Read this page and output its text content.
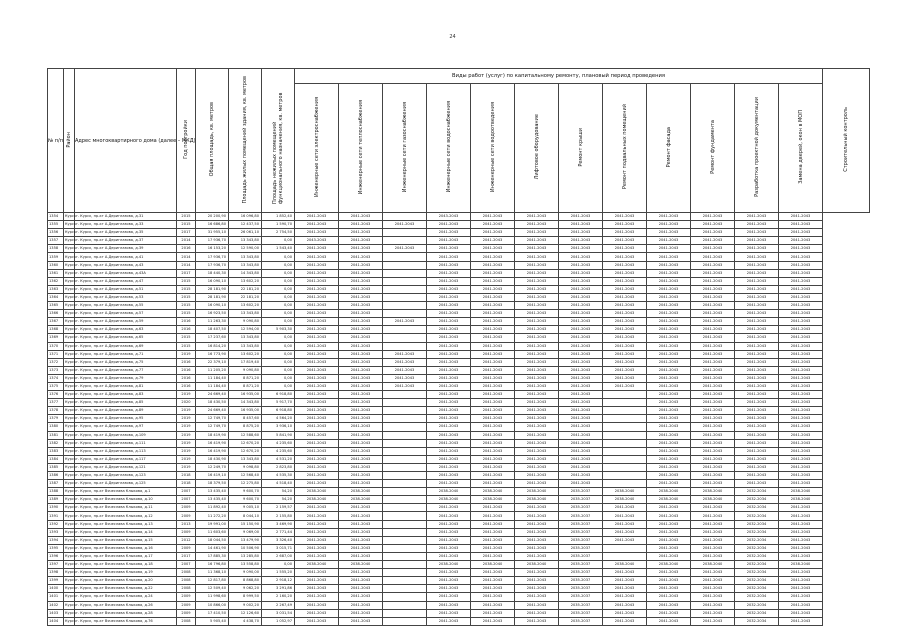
24
№ п/п	Район	Адрес многоквартирного дома (далее – МКД)	Год постройки	Общая площадь, кв. метров	Площадь жилых помещений здания, кв. метров	Площадь нежилых помещений функционального назначения, кв. метров	Виды работ (услуг) по капитальному ремонту, плановый период проведения												Строительный контроль
							Инженерные сети электроснабжения	Инженерные сети теплоснабжения	Инженерные сети газоснабжения	Инженерные сети водоснабжения	Инженерные сети водоотведения	Лифтовое оборудование	Ремонт крыши	Ремонт подвальных помещений	Ремонт фасада	Ремонт фундамента	Разработка проектной документации	Замена дверей, окон в МОП	
1354	Курск	г. Курск, пр-кт А.Дериглазова, д.31	2015	20 200,90	16 096,80	1 852,40	2041-2043	2041-2043		2043-2043	2041-2043	2041-2043	2041-2043	2041-2043	2041-2043	2041-2043	2041-2043	2041-2043	
1355	Курск	г. Курск, пр-кт А.Дериглазова, д.33	2015	16 686,80	12 437,50	1 590,70	2041-2043	2041-2043	2041-2043	2041-2043	2041-2043	2041-2043	2041-2043	2041-2043	2041-2043	2041-2043	2041-2043	2041-2043	
1356	Курск	г. Курск, пр-кт А.Дериглазова, д.35	2017	31 955,10	26 061,10	2 754,50	2041-2043	2041-2043		2041-2043	2041-2043	2041-2043	2041-2043	2041-2043	2041-2043	2041-2043	2041-2043	2041-2043	
1357	Курск	г. Курск, пр-кт А.Дериглазова, д.37	2014	17 936,70	13 343,80	0,00	2043-2043	2041-2043		2041-2043	2041-2043	2041-2043	2041-2043	2041-2043	2041-2043	2041-2043	2041-2043	2041-2043	
1358	Курск	г. Курск, пр-кт А.Дериглазова, д.39	2016	16 153,20	12 590,00	1 543,40	2041-2043	2041-2043	2041-2043	2041-2043	2041-2043	2041-2043	2041-2043	2041-2043	2041-2043	2041-2043	2041-2043	2041-2043	
1359	Курск	г. Курск, пр-кт А.Дериглазова, д.41	2014	17 936,70	13 343,80	0,00	2041-2043	2041-2043		2041-2043	2041-2043	2041-2043	2041-2043	2041-2043	2041-2043	2041-2043	2041-2043	2041-2043	
1360	Курск	г. Курск, пр-кт А.Дериглазова, д.43	2014	17 936,70	13 343,80	0,00	2041-2043	2041-2043		2041-2043	2041-2043	2041-2043	2041-2043	2041-2043	2041-2043	2041-2043	2041-2043	2041-2043	
1361	Курск	г. Курск, пр-кт А.Дериглазова, д.43А	2017	18 440,30	14 343,80	0,00	2041-2043	2041-2043		2041-2043	2041-2043	2041-2043	2041-2043	2041-2043	2041-2043	2041-2043	2041-2043	2041-2043	
1362	Курск	г. Курск, пр-кт А.Дериглазова, д.47	2015	16 090,10	13 602,20	0,00	2041-2043	2041-2043		2041-2043	2041-2043	2041-2043	2041-2043	2041-2043	2041-2043	2041-2043	2041-2043	2041-2043	
1363	Курск	г. Курск, пр-кт А.Дериглазова, д.51	2015	28 181,90	22 181,20	0,00	2041-2043	2041-2043		2041-2043	2041-2043	2041-2043	2041-2043	2041-2043	2041-2043	2041-2043	2041-2043	2041-2043	
1364	Курск	г. Курск, пр-кт А.Дериглазова, д.53	2015	28 181,90	22 181,20	0,00	2041-2043	2041-2043		2041-2043	2041-2043	2041-2043	2041-2043	2041-2043	2041-2043	2041-2043	2041-2043	2041-2043	
1365	Курск	г. Курск, пр-кт А.Дериглазова, д.55	2015	16 090,10	13 602,20	0,00	2041-2043	2041-2043		2041-2043	2041-2043	2041-2043	2041-2043	2041-2043	2041-2043	2041-2043	2041-2043	2041-2043	
1366	Курск	г. Курск, пр-кт А.Дериглазова, д.57	2015	16 923,50	13 343,80	0,00	2041-2043	2041-2043		2041-2043	2041-2043	2041-2043	2041-2043	2041-2043	2041-2043	2041-2043	2041-2043	2041-2043	
1367	Курск	г. Курск, пр-кт А.Дериглазова, д.59	2016	11 263,30	9 090,80	0,00	2041-2043	2041-2043	2041-2043	2041-2043	2041-2043	2041-2043	2041-2043	2041-2043	2041-2043	2041-2043	2041-2043	2041-2043	
1368	Курск	г. Курск, пр-кт А.Дериглазова, д.63	2016	18 407,50	12 594,00	5 903,30	2041-2043	2041-2043		2041-2043	2041-2043	2041-2043	2041-2043	2041-2043	2041-2043	2041-2043	2041-2043	2041-2043	
1369	Курск	г. Курск, пр-кт А.Дериглазова, д.65	2015	17 237,60	13 343,80	0,00	2041-2043	2041-2043		2041-2043	2041-2043	2041-2043	2041-2043	2041-2043	2041-2043	2041-2043	2041-2043	2041-2043	
1370	Курск	г. Курск, пр-кт А.Дериглазова, д.69	2015	16 814,20	13 343,80	0,00	2041-2043	2041-2043		2041-2043	2041-2043	2041-2043	2041-2043	2041-2043	2041-2043	2041-2043	2041-2043	2041-2043	
1371	Курск	г. Курск, пр-кт А.Дериглазова, д.71	2019	16 773,90	13 602,20	0,00	2041-2043	2041-2043	2041-2043	2041-2043	2041-2043	2041-2043	2041-2043	2041-2043	2041-2043	2041-2043	2041-2043	2041-2043	
1372	Курск	г. Курск, пр-кт А.Дериглазова, д.75	2016	22 379,10	17 819,40	0,00	2041-2043	2041-2043	2041-2043	2041-2043	2041-2043	2041-2043	2041-2043	2041-2043	2041-2043	2041-2043	2041-2043	2041-2043	
1373	Курск	г. Курск, пр-кт А.Дериглазова, д.77	2016	11 205,20	9 090,80	0,00	2041-2043	2041-2043	2041-2043	2041-2043	2041-2043	2041-2043	2041-2043	2041-2043	2041-2043	2041-2043	2041-2043	2041-2043	
1374	Курск	г. Курск, пр-кт А.Дериглазова, д.79	2016	11 184,40	8 871,20	0,00	2041-2043	2041-2043	2041-2043	2041-2043	2041-2043	2041-2043	2041-2043	2041-2043	2041-2043	2041-2043	2041-2043	2041-2043	
1375	Курск	г. Курск, пр-кт А.Дериглазова, д.81	2016	11 184,40	8 871,20	0,00	2041-2043	2041-2043	2041-2043	2041-2043	2041-2043	2041-2043	2041-2043	2041-2043	2041-2043	2041-2043	2041-2043	2041-2043	
1376	Курск	г. Курск, пр-кт А.Дериглазова, д.83	2019	24 669,40	16 935,00	6 918,80	2041-2043	2041-2043		2041-2043	2041-2043	2041-2043	2041-2043		2041-2043	2041-2043	2041-2043	2041-2043	
1377	Курск	г. Курск, пр-кт А.Дериглазова, д.85	2020	18 430,50	14 343,80	5 917,70	2041-2043	2041-2043		2041-2043	2041-2043	2041-2043	2041-2043		2041-2043	2041-2043	2041-2043	2041-2043	
1378	Курск	г. Курск, пр-кт А.Дериглазова, д.89	2019	24 669,40	16 935,00	6 918,80	2041-2043	2041-2043		2041-2043	2041-2043	2041-2043	2041-2043		2041-2043	2041-2043	2041-2043	2041-2043	
1379	Курск	г. Курск, пр-кт А.Дериглазова, д.95	2019	12 749,70	8 457,60	4 564,20	2041-2043	2041-2043		2041-2043	2041-2043	2041-2043	2041-2043		2041-2043	2041-2043	2041-2043	2041-2043	
1380	Курск	г. Курск, пр-кт А.Дериглазова, д.97	2019	12 749,70	8 875,20	3 936,10	2041-2043	2041-2043		2041-2043	2041-2043	2041-2043	2041-2043		2041-2043	2041-2043	2041-2043	2041-2043	
1381	Курск	г. Курск, пр-кт А.Дериглазова, д.109	2019	18 419,90	12 588,60	5 841,90	2041-2043	2041-2043		2041-2043	2041-2043	2041-2043	2041-2043		2041-2043	2041-2043	2041-2043	2041-2043	
1382	Курск	г. Курск, пр-кт А.Дериглазова, д.111	2019	16 419,90	12 670,20	4 235,60	2041-2043	2041-2043		2041-2043	2041-2043	2041-2043	2041-2043		2041-2043	2041-2043	2041-2043	2041-2043	
1383	Курск	г. Курск, пр-кт А.Дериглазова, д.113	2019	16 419,90	12 670,20	4 235,60	2041-2043	2041-2043		2041-2043	2041-2043	2041-2043	2041-2043		2041-2043	2041-2043	2041-2043	2041-2043	
1384	Курск	г. Курск, пр-кт А.Дериглазова, д.117	2019	18 430,90	13 343,80	4 531,20	2041-2043	2041-2043		2041-2043	2041-2043	2041-2043	2041-2043		2041-2043	2041-2043	2041-2043	2041-2043	
1385	Курск	г. Курск, пр-кт А.Дериглазова, д.121	2019	12 249,70	9 098,80	2 823,80	2041-2043	2041-2043		2041-2043	2041-2043	2041-2043	2041-2043		2041-2043	2041-2043	2041-2043	2041-2043	
1386	Курск	г. Курск, пр-кт А.Дериглазова, д.123	2018	16 419,10	12 568,40	4 535,30	2041-2043	2041-2043		2041-2043	2041-2043	2041-2043	2041-2043		2041-2043	2041-2043	2041-2043	2041-2043	
1387	Курск	г. Курск, пр-кт А.Дериглазова, д.125	2018	18 379,50	12 275,80	4 518,40	2041-2043	2041-2043		2041-2043	2041-2043	2041-2043	2041-2043		2041-2043	2041-2043	2041-2043	2041-2043	
1388	Курск	г. Курск, пр-кт Вячеслава Клыкова, д.1	2007	13 435,40	9 600,70	54,20	2038-2040	2038-2040		2038-2040	2038-2040	2038-2040	2035-2037	2038-2040	2038-2040	2038-2040	2032-2034	2038-2040	
1389	Курск	г. Курск, пр-кт Вячеслава Клыкова, д.10	2007	13 435,40	9 600,70	54,20	2038-2040	2038-2040		2038-2040	2038-2040	2038-2040	2035-2037	2038-2040	2038-2040	2038-2040	2032-2034	2038-2040	
1390	Курск	г. Курск, пр-кт Вячеслава Клыкова, д.11	2009	11 892,40	9 005,10	2 159,57	2041-2043	2041-2043		2041-2043	2041-2043	2041-2043	2035-2037	2041-2043	2041-2043	2041-2043	2032-2034	2041-2043	
1391	Курск	г. Курск, пр-кт Вячеслава Клыкова, д.12	2009	11 272,20	8 044,10	2 155,80	2041-2043	2041-2043		2041-2043	2041-2043	2041-2043	2035-2037	2041-2043	2041-2043	2041-2043	2032-2034	2041-2043	
1392	Курск	г. Курск, пр-кт Вячеслава Клыкова, д.13	2013	19 991,00	15 150,90	3 469,90	2041-2043	2041-2043		2041-2043	2041-2043	2041-2043	2035-2037	2041-2043	2041-2043	2041-2043	2032-2034	2041-2043	
1393	Курск	г. Курск, пр-кт Вячеслава Клыкова, д.14	2009	11 603,60	9 069,00	2 771,44	2041-2043	2041-2043		2041-2043	2041-2043	2041-2043	2035-2037	2041-2043	2041-2043	2041-2043	2032-2034	2041-2043	
1394	Курск	г. Курск, пр-кт Вячеслава Клыкова, д.15	2012	18 044,50	13 479,90	3 326,40	2041-2043	2041-2043		2041-2043	2041-2043	2041-2043	2035-2037	2041-2043	2041-2043	2041-2043	2032-2034	2041-2043	
1395	Курск	г. Курск, пр-кт Вячеслава Клыкова, д.16	2009	14 461,90	10 506,90	3 015,71	2041-2043	2041-2043		2041-2043	2041-2043	2041-2043	2035-2037		2041-2043	2041-2043	2032-2034	2041-2043	
1396	Курск	г. Курск, пр-кт Вячеслава Клыкова, д.17	2017	17 885,30	13 285,80	2 687,00	2041-2043	2041-2043		2041-2043	2041-2043	2041-2043	2035-2037		2041-2043	2041-2043	2032-2034	2041-2043	
1397	Курск	г. Курск, пр-кт Вячеслава Клыкова, д.18	2007	16 796,80	13 558,80	0,00	2038-2040	2038-2040		2038-2040	2038-2040	2038-2040	2035-2037	2038-2040	2038-2040	2038-2040	2032-2034	2038-2040	
1398	Курск	г. Курск, пр-кт Вячеслава Клыкова, д.19	2008	11 368,10	9 090,00	1 555,20	2041-2043	2041-2043		2041-2043	2041-2043	2041-2043	2035-2037	2041-2043	2041-2043	2041-2043	2032-2034	2041-2043	
1399	Курск	г. Курск, пр-кт Вячеслава Клыкова, д.20	2008	12 817,80	8 868,80	2 918,12	2041-2043	2041-2043		2041-2043	2041-2043	2041-2043	2035-2037	2041-2043	2041-2043	2041-2043	2032-2034	2041-2043	
1400	Курск	г. Курск, пр-кт Вячеслава Клыкова, д.22	2008	12 509,40	9 062,20	3 291,86	2041-2043	2041-2043		2041-2043	2041-2043	2041-2043	2035-2037	2041-2043	2041-2043	2041-2043	2032-2034	2041-2043	
1401	Курск	г. Курск, пр-кт Вячеслава Клыкова, д.24	2009	11 998,60	8 999,50	2 160,20	2041-2043	2041-2043		2041-2043	2041-2043	2041-2043	2035-2037	2041-2043	2041-2043	2041-2043	2032-2034	2041-2043	
1402	Курск	г. Курск, пр-кт Вячеслава Клыкова, д.26	2009	10 866,00	9 002,20	2 267,49	2041-2043	2041-2043		2041-2043	2041-2043	2041-2043	2035-2037	2041-2043	2041-2043	2041-2043	2032-2034	2041-2043	
1403	Курск	г. Курск, пр-кт Вячеслава Клыкова, д.28	2009	17 410,50	12 126,60	3 031,54	2041-2043	2041-2043		2041-2043	2041-2043	2041-2043	2035-2037	2041-2043	2041-2043	2041-2043	2032-2034	2041-2043	
1404	Курск	г. Курск, пр-кт Вячеслава Клыкова, д.76	2008	5 905,40	4 438,70	1 052,97	2041-2043	2041-2043		2041-2043	2041-2043	2041-2043	2035-2037	2041-2043	2041-2043	2041-2043	2032-2034	2041-2043	
